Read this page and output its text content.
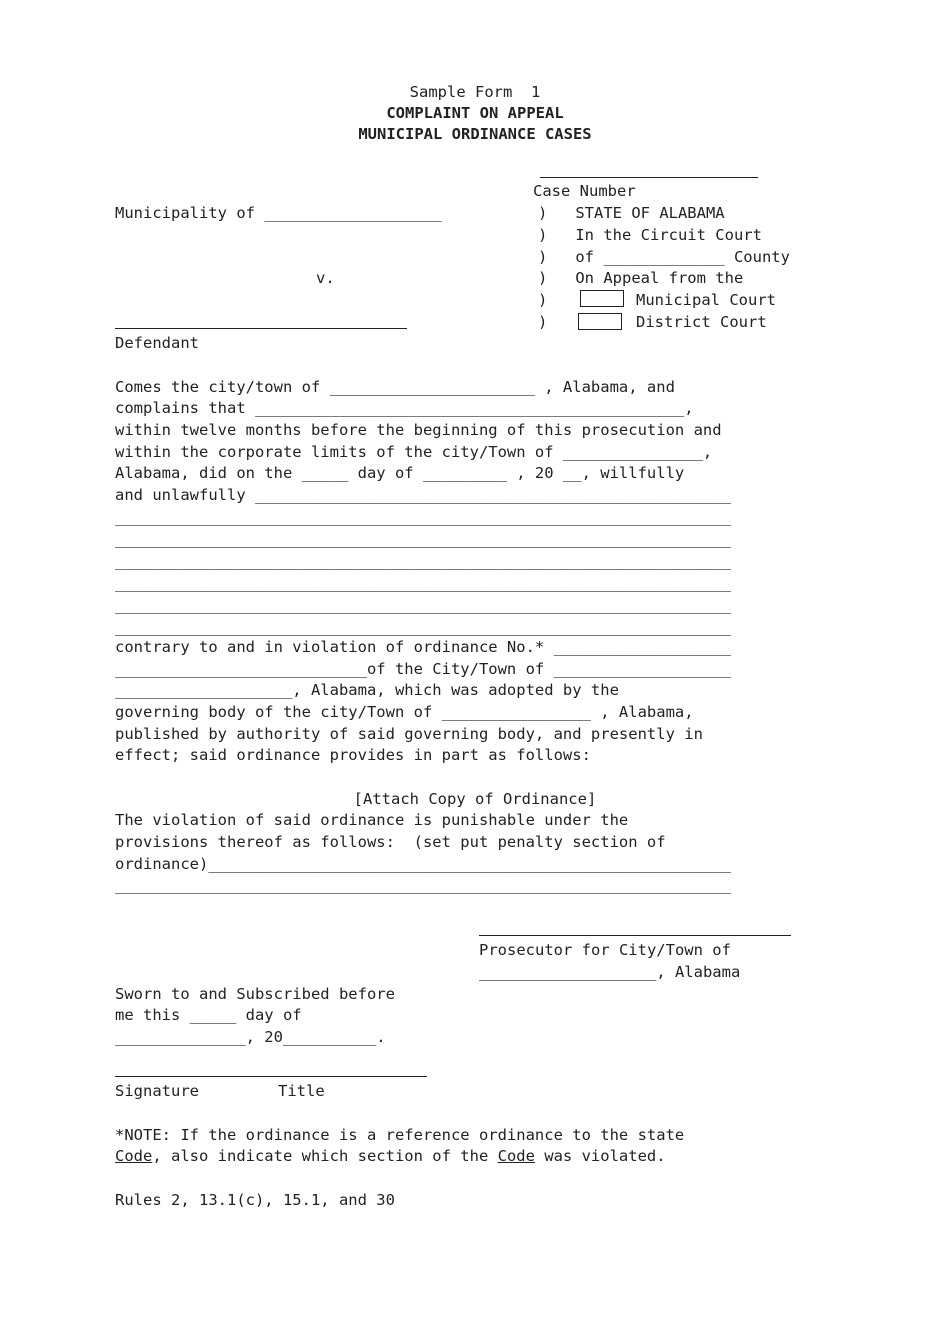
Sample Form  1
COMPLAINT ON APPEAL
MUNICIPAL ORDINANCE CASES
Case Number
Municipality of ___________________
v.
Defendant
)   STATE OF ALABAMA
)   In the Circuit Court
)   of _____________ County
)   On Appeal from the
)
)
Municipal Court
District Court
Comes the city/town of ______________________ , Alabama, and
complains that ______________________________________________,
within twelve months before the beginning of this prosecution and
within the corporate limits of the city/Town of _______________,
Alabama, did on the _____ day of _________ , 20 __, willfully
and unlawfully ___________________________________________________
__________________________________________________________________
__________________________________________________________________
__________________________________________________________________
__________________________________________________________________
__________________________________________________________________
__________________________________________________________________
contrary to and in violation of ordinance No.* ___________________
___________________________of the City/Town of ___________________
___________________, Alabama, which was adopted by the
governing body of the city/Town of ________________ , Alabama,
published by authority of said governing body, and presently in
effect; said ordinance provides in part as follows:
[Attach Copy of Ordinance]
The violation of said ordinance is punishable under the
provisions thereof as follows:  (set put penalty section of
ordinance)________________________________________________________
__________________________________________________________________
Prosecutor for City/Town of
___________________, Alabama
Sworn to and Subscribed before
me this _____ day of
______________, 20__________.
Signature	Title
*NOTE: If the ordinance is a reference ordinance to the state
Code, also indicate which section of the Code was violated.
Rules 2, 13.1(c), 15.1, and 30
